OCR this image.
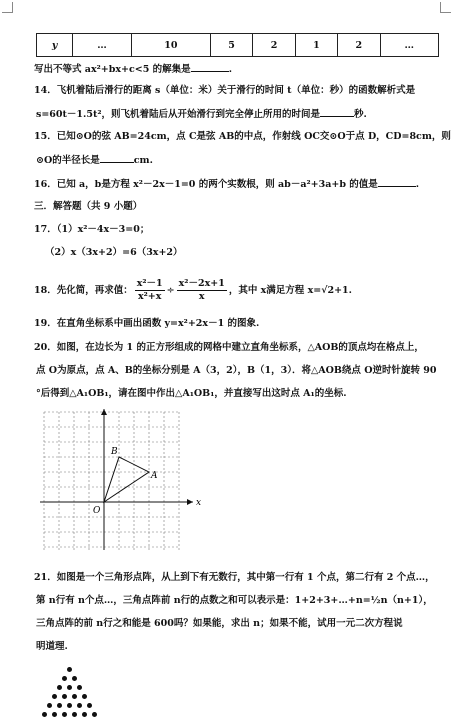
y	…	10	5	2	1	2	…
写出不等式 ax²+bx+c<5 的解集是	.
14．飞机着陆后滑行的距离 s（单位：米）关于滑行的时间 t（单位：秒）的函数解析式是
s=60t－1.5t²，则飞机着陆后从开始滑行到完全停止所用的时间是	秒.
15．已知⊙O的弦 AB=24cm，点 C是弦 AB的中点，作射线 OC交⊙O于点 D，CD=8cm，则
⊙O的半径长是	cm.
16．已知 a，b是方程 x²－2x－1=0 的两个实数根，则 ab－a²+3a+b 的值是	.
三．解答题（共 9 小题）
17．（1）x²－4x－3=0；
（2）x（3x+2）=6（3x+2）
18．先化简，再求值： $\frac{\text{x²－1}}{\text{x²+x}} \div \frac{\text{x²－2x+1}}{x}$ ，其中 x满足方程 x=√2+1.
19．在直角坐标系中画出函数 y=x²+2x－1 的图象.
20．如图，在边长为 1 的正方形组成的网格中建立直角坐标系，△AOB的顶点均在格点上，
点 O为原点，点 A、B的坐标分别是 A（3，2），B（1，3）．将△AOB绕点 O逆时针旋转 90
°后得到△A₁OB₁，请在图中作出△A₁OB₁，并直接写出这时点 A₁的坐标.
x
O
A
B
21．如图是一个三角形点阵，从上到下有无数行，其中第一行有 1 个点，第二行有 2 个点…，
第 n行有 n个点…，三角点阵前 n行的点数之和可以表示是：1+2+3+…+n=½n（n+1），
三角点阵的前 n行之和能是 600吗？如果能，求出 n；如果不能，试用一元二次方程说
明道理.
